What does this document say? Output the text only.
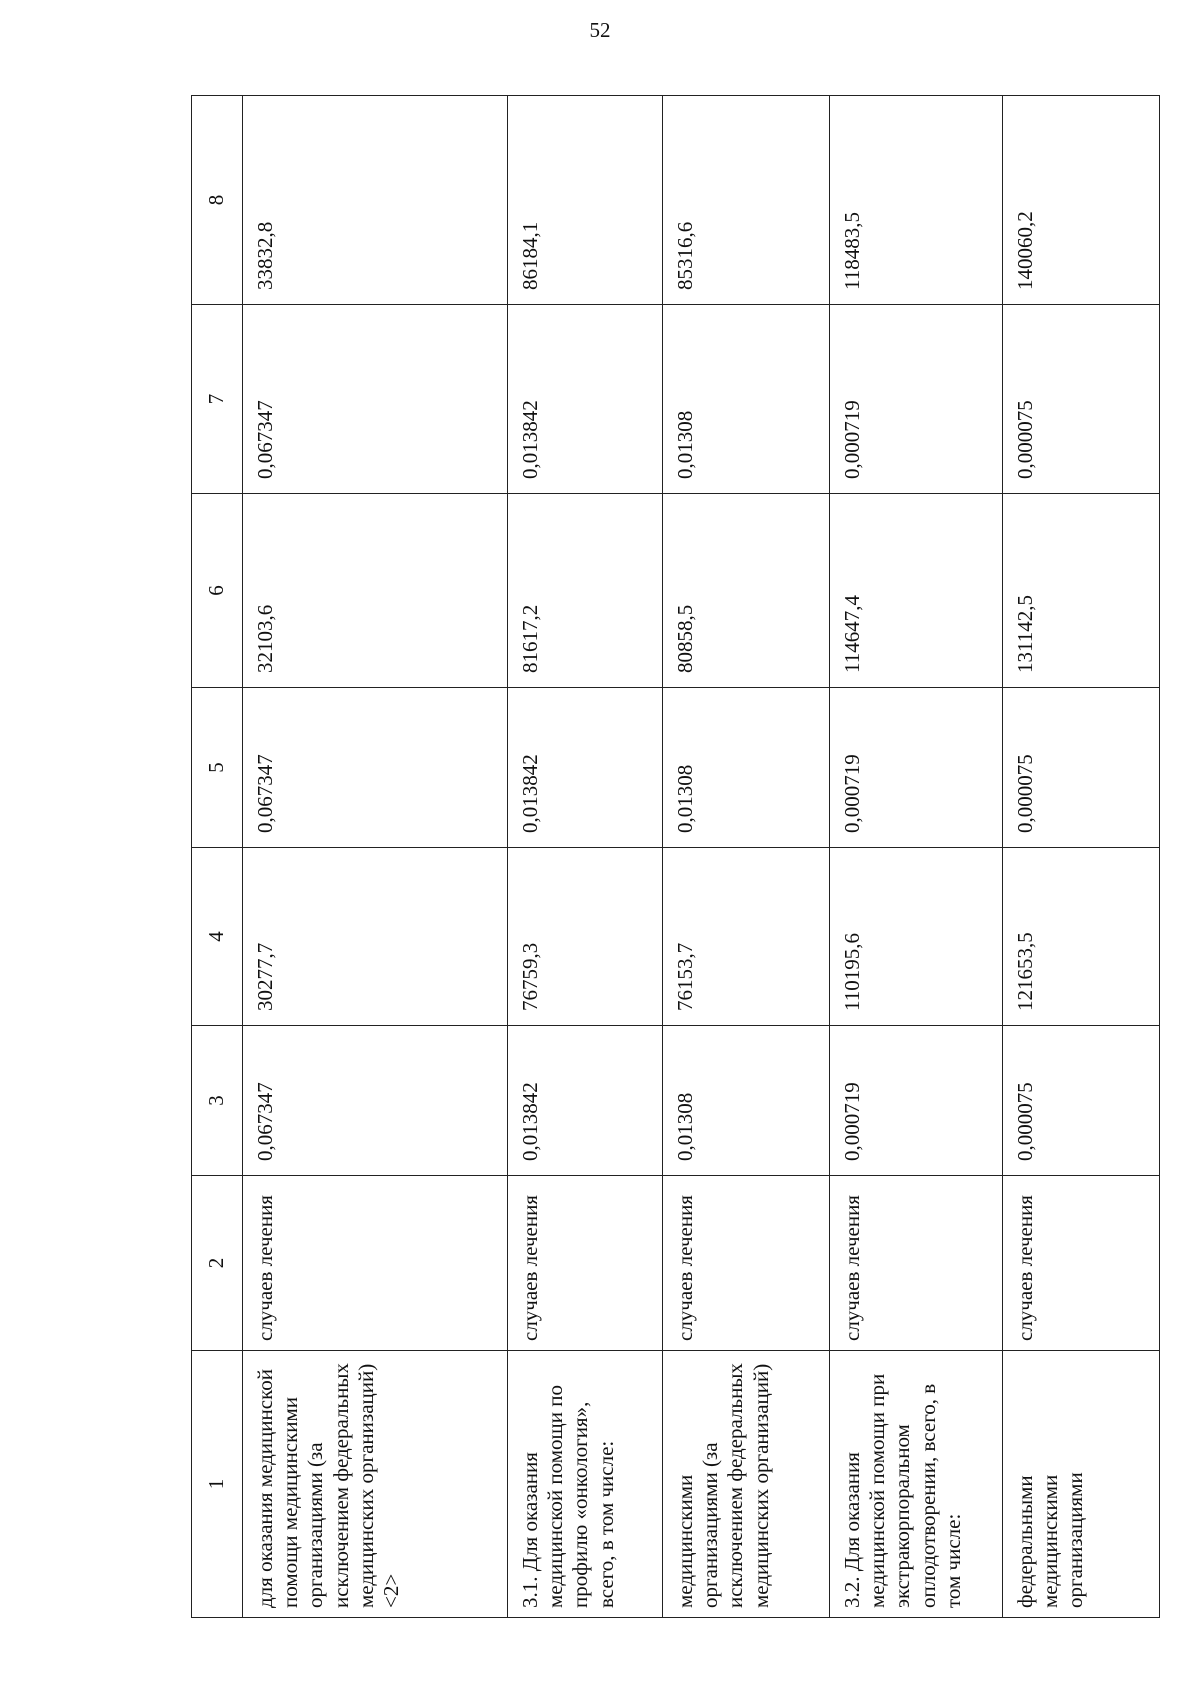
52
1	2	3	4	5	6	7	8
для оказания медицинской помощи медицинскими организациями (за исключением федеральных медицинских организаций) <2>	случаев лечения	0,067347	30277,7	0,067347	32103,6	0,067347	33832,8
3.1. Для оказания медицинской помощи по профилю «онкология», всего, в том числе:	случаев лечения	0,013842	76759,3	0,013842	81617,2	0,013842	86184,1
медицинскими организациями (за исключением федеральных медицинских организаций)	случаев лечения	0,01308	76153,7	0,01308	80858,5	0,01308	85316,6
3.2. Для оказания медицинской помощи при экстракорпоральном оплодотворении, всего, в том числе:	случаев лечения	0,000719	110195,6	0,000719	114647,4	0,000719	118483,5
федеральными медицинскими организациями	случаев лечения	0,000075	121653,5	0,000075	131142,5	0,000075	140060,2
